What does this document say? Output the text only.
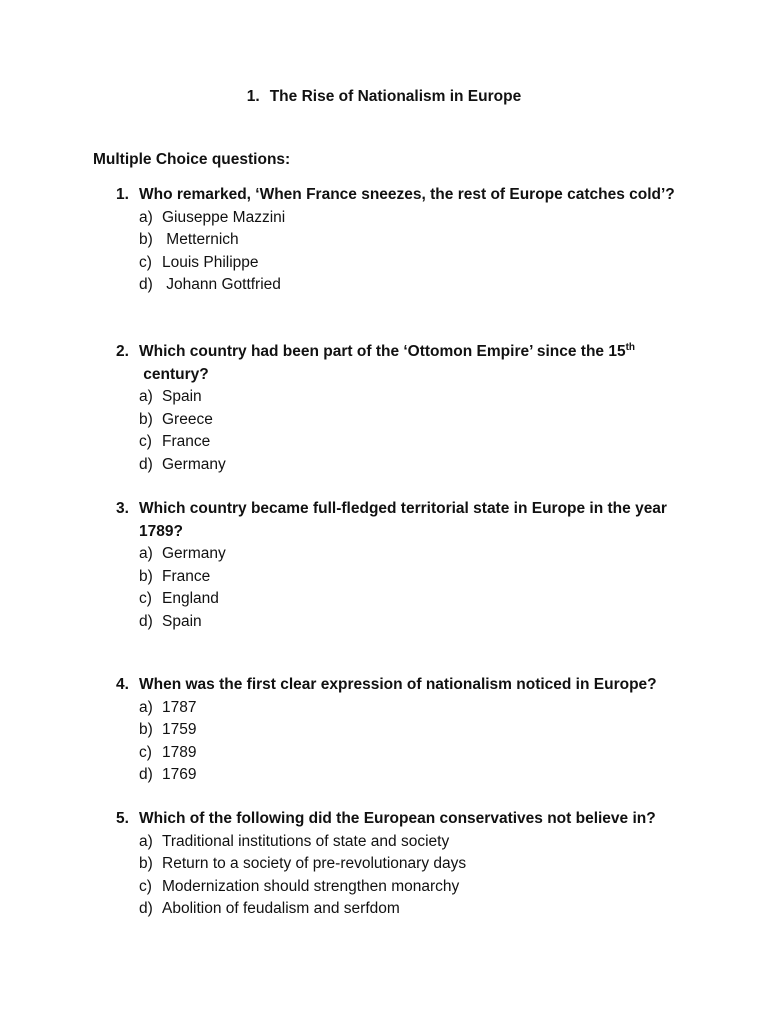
1. The Rise of Nationalism in Europe
Multiple Choice questions:
1. Who remarked, ‘When France sneezes, the rest of Europe catches cold’?
a) Giuseppe Mazzini
b) Metternich
c) Louis Philippe
d) Johann Gottfried
2. Which country had been part of the ‘Ottomon Empire’ since the 15th century?
a) Spain
b) Greece
c) France
d) Germany
3. Which country became full-fledged territorial state in Europe in the year 1789?
a) Germany
b) France
c) England
d) Spain
4. When was the first clear expression of nationalism noticed in Europe?
a) 1787
b) 1759
c) 1789
d) 1769
5. Which of the following did the European conservatives not believe in?
a) Traditional institutions of state and society
b) Return to a society of pre-revolutionary days
c) Modernization should strengthen monarchy
d) Abolition of feudalism and serfdom
